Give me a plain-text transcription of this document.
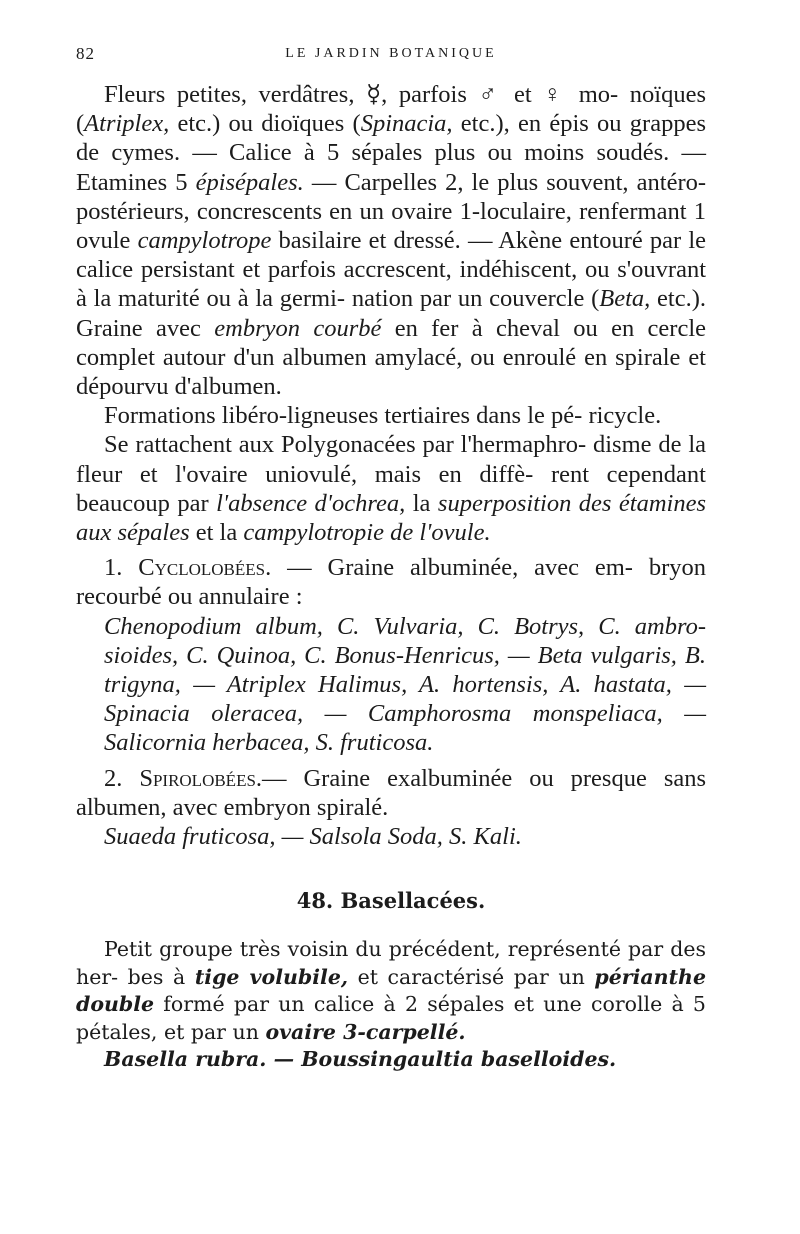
82	LE JARDIN BOTANIQUE

Fleurs petites, verdâtres, ☿, parfois ♂ et ♀ mo- noïques (Atriplex, etc.) ou dioïques (Spinacia, etc.), en épis ou grappes de cymes. — Calice à 5 sépales plus ou moins soudés. — Etamines 5 épisépales. — Carpelles 2, le plus souvent, antéro-postérieurs, concrescents en un ovaire 1-loculaire, renfermant 1 ovule campylotrope basilaire et dressé. — Akène entouré par le calice persistant et parfois accrescent, indéhiscent, ou s'ouvrant à la maturité ou à la germi- nation par un couvercle (Beta, etc.). Graine avec embryon courbé en fer à cheval ou en cercle complet autour d'un albumen amylacé, ou enroulé en spirale et dépourvu d'albumen.

Formations libéro-ligneuses tertiaires dans le pé- ricycle.

Se rattachent aux Polygonacées par l'hermaphro- disme de la fleur et l'ovaire uniovulé, mais en diffè- rent cependant beaucoup par l'absence d'ochrea, la superposition des étamines aux sépales et la campylotropie de l'ovule.

1. Cyclolobées. — Graine albuminée, avec em- bryon recourbé ou annulaire :

Chenopodium album, C. Vulvaria, C. Botrys, C. ambro- sioides, C. Quinoa, C. Bonus-Henricus, — Beta vulgaris, B. trigyna, — Atriplex Halimus, A. hortensis, A. hastata, — Spinacia oleracea, — Camphorosma monspeliaca, — Salicornia herbacea, S. fruticosa.

2. Spirolobées.— Graine exalbuminée ou presque sans albumen, avec embryon spiralé.

Suaeda fruticosa, — Salsola Soda, S. Kali.

48. Basellacées.

Petit groupe très voisin du précédent, représenté par des her- bes à tige volubile, et caractérisé par un périanthe double formé par un calice à 2 sépales et une corolle à 5 pétales, et par un ovaire 3-carpellé.

Basella rubra. — Boussingaultia baselloides.
